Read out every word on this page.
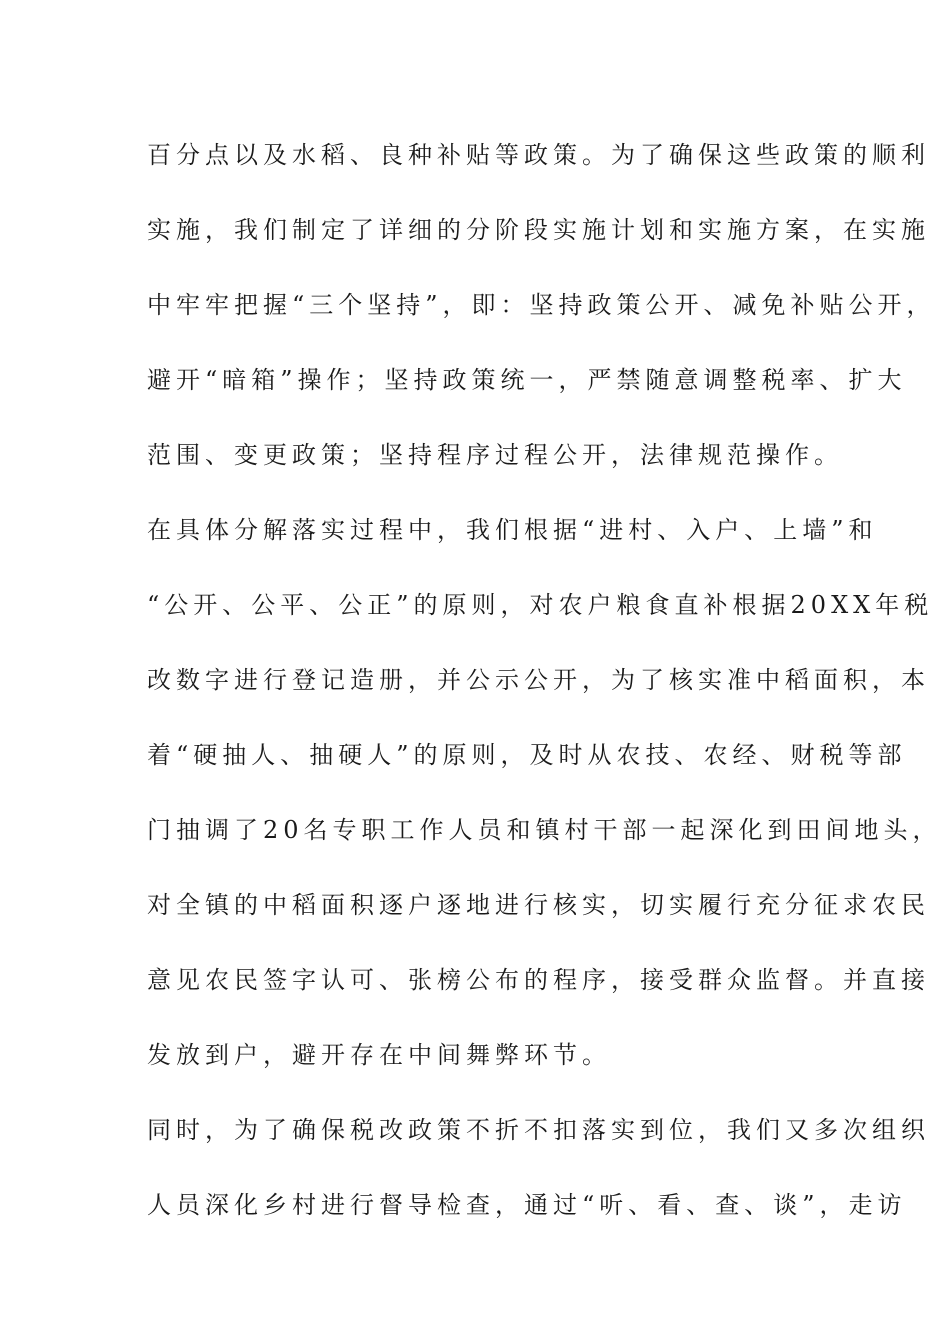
百分点以及水稻、良种补贴等政策。为了确保这些政策的顺利
实施，我们制定了详细的分阶段实施计划和实施方案，在实施
中牢牢把握“三个坚持”，即：坚持政策公开、减免补贴公开，
避开“暗箱”操作；坚持政策统一，严禁随意调整税率、扩大
范围、变更政策；坚持程序过程公开，法律规范操作。
在具体分解落实过程中，我们根据“进村、入户、上墙”和
“公开、公平、公正”的原则，对农户粮食直补根据20XX年税
改数字进行登记造册，并公示公开，为了核实准中稻面积，本
着“硬抽人、抽硬人”的原则，及时从农技、农经、财税等部
门抽调了20名专职工作人员和镇村干部一起深化到田间地头，
对全镇的中稻面积逐户逐地进行核实，切实履行充分征求农民
意见农民签字认可、张榜公布的程序，接受群众监督。并直接
发放到户，避开存在中间舞弊环节。
同时，为了确保税改政策不折不扣落实到位，我们又多次组织
人员深化乡村进行督导检查，通过“听、看、查、谈”，走访
